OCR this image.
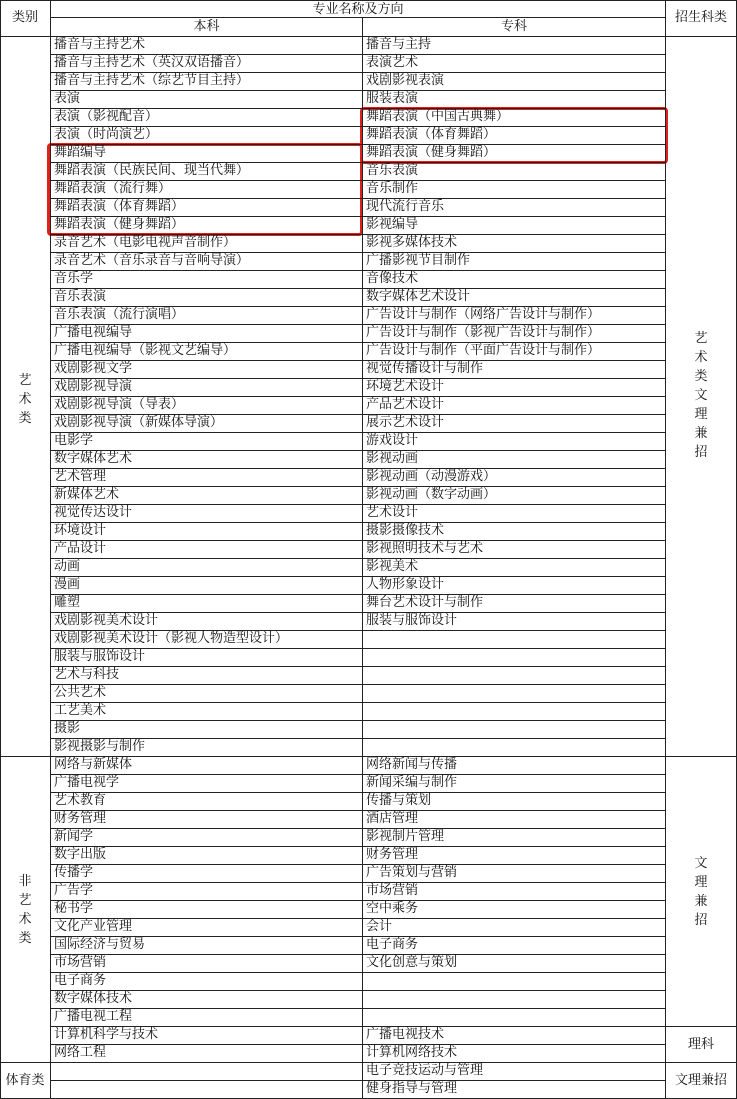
类别
专业名称及方向
本科	专科
招生科类
艺术类
非艺术类
体育类
艺术类文理兼招
文理兼招
理科
文理兼招
播音与主持艺术
播音与主持艺术（英汉双语播音）
播音与主持艺术（综艺节目主持）
表演
表演（影视配音）
表演（时尚演艺）
舞蹈编导
舞蹈表演（民族民间、现当代舞）
舞蹈表演（流行舞）
舞蹈表演（体育舞蹈）
舞蹈表演（健身舞蹈）
录音艺术（电影电视声音制作）
录音艺术（音乐录音与音响导演）
音乐学
音乐表演
音乐表演（流行演唱）
广播电视编导
广播电视编导（影视文艺编导）
戏剧影视文学
戏剧影视导演
戏剧影视导演（导表）
戏剧影视导演（新媒体导演）
电影学
数字媒体艺术
艺术管理
新媒体艺术
视觉传达设计
环境设计
产品设计
动画
漫画
雕塑
戏剧影视美术设计
戏剧影视美术设计（影视人物造型设计）
服装与服饰设计
艺术与科技
公共艺术
工艺美术
摄影
影视摄影与制作
网络与新媒体
广播电视学
艺术教育
财务管理
新闻学
数字出版
传播学
广告学
秘书学
文化产业管理
国际经济与贸易
市场营销
电子商务
数字媒体技术
广播电视工程
计算机科学与技术
网络工程
播音与主持
表演艺术
戏剧影视表演
服装表演
舞蹈表演（中国古典舞）
舞蹈表演（体育舞蹈）
舞蹈表演（健身舞蹈）
音乐表演
音乐制作
现代流行音乐
影视编导
影视多媒体技术
广播影视节目制作
音像技术
数字媒体艺术设计
广告设计与制作（网络广告设计与制作）
广告设计与制作（影视广告设计与制作）
广告设计与制作（平面广告设计与制作）
视觉传播设计与制作
环境艺术设计
产品艺术设计
展示艺术设计
游戏设计
影视动画
影视动画（动漫游戏）
影视动画（数字动画）
艺术设计
摄影摄像技术
影视照明技术与艺术
影视美术
人物形象设计
舞台艺术设计与制作
服装与服饰设计
网络新闻与传播
新闻采编与制作
传播与策划
酒店管理
影视制片管理
财务管理
广告策划与营销
市场营销
空中乘务
会计
电子商务
文化创意与策划
广播电视技术
计算机网络技术
电子竞技运动与管理
健身指导与管理
